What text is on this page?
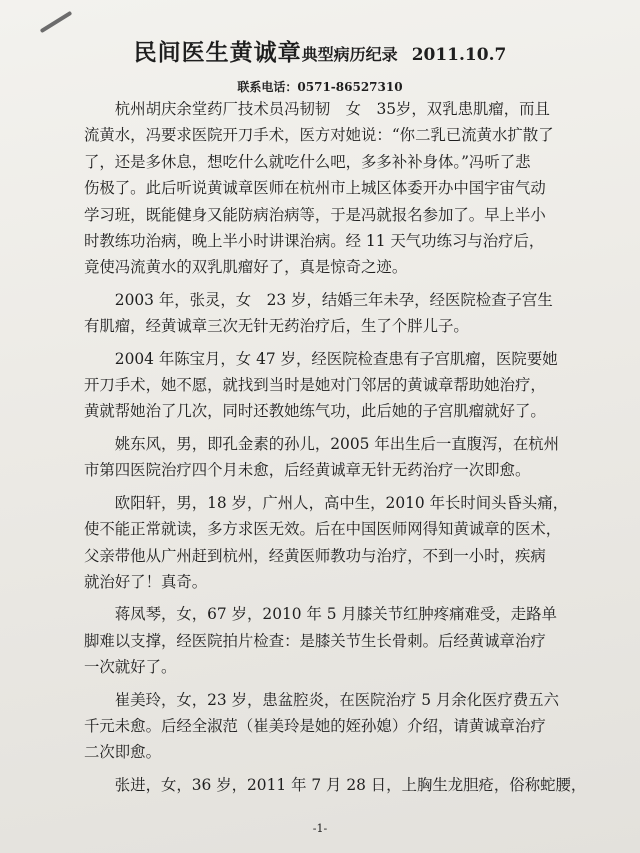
民间医生黄诚章典型病历纪录 2011.10.7
联系电话：0571-86527310
杭州胡庆余堂药厂技术员冯韧韧　女　35岁，双乳患肌瘤，而且
流黄水，冯要求医院开刀手术，医方对她说：“你二乳已流黄水扩散了
了，还是多休息，想吃什么就吃什么吧，多多补补身体。”冯听了悲
伤极了。此后听说黄诚章医师在杭州市上城区体委开办中国宇宙气动
学习班，既能健身又能防病治病等，于是冯就报名参加了。早上半小
时教练功治病，晚上半小时讲课治病。经 11 天气功练习与治疗后，
竟使冯流黄水的双乳肌瘤好了，真是惊奇之迹。
2003 年，张灵，女　23 岁，结婚三年未孕，经医院检查子宫生
有肌瘤，经黄诚章三次无针无药治疗后，生了个胖儿子。
2004 年陈宝月，女 47 岁，经医院检查患有子宫肌瘤，医院要她
开刀手术，她不愿，就找到当时是她对门邻居的黄诚章帮助她治疗，
黄就帮她治了几次，同时还教她练气功，此后她的子宫肌瘤就好了。
姚东风，男，即孔金素的孙儿，2005 年出生后一直腹泻，在杭州
市第四医院治疗四个月未愈，后经黄诚章无针无药治疗一次即愈。
欧阳轩，男，18 岁，广州人，高中生，2010 年长时间头昏头痛，
使不能正常就读，多方求医无效。后在中国医师网得知黄诚章的医术，
父亲带他从广州赶到杭州，经黄医师教功与治疗，不到一小时，疾病
就治好了！真奇。
蒋凤琴，女，67 岁，2010 年 5 月膝关节红肿疼痛难受，走路单
脚难以支撑，经医院拍片检查：是膝关节生长骨刺。后经黄诚章治疗
一次就好了。
崔美玲，女，23 岁，患盆腔炎，在医院治疗 5 月余化医疗费五六
千元未愈。后经全淑范（崔美玲是她的姪孙媳）介绍，请黄诚章治疗
二次即愈。
张进，女，36 岁，2011 年 7 月 28 日，上胸生龙胆疮，俗称蛇腰，
-1-
